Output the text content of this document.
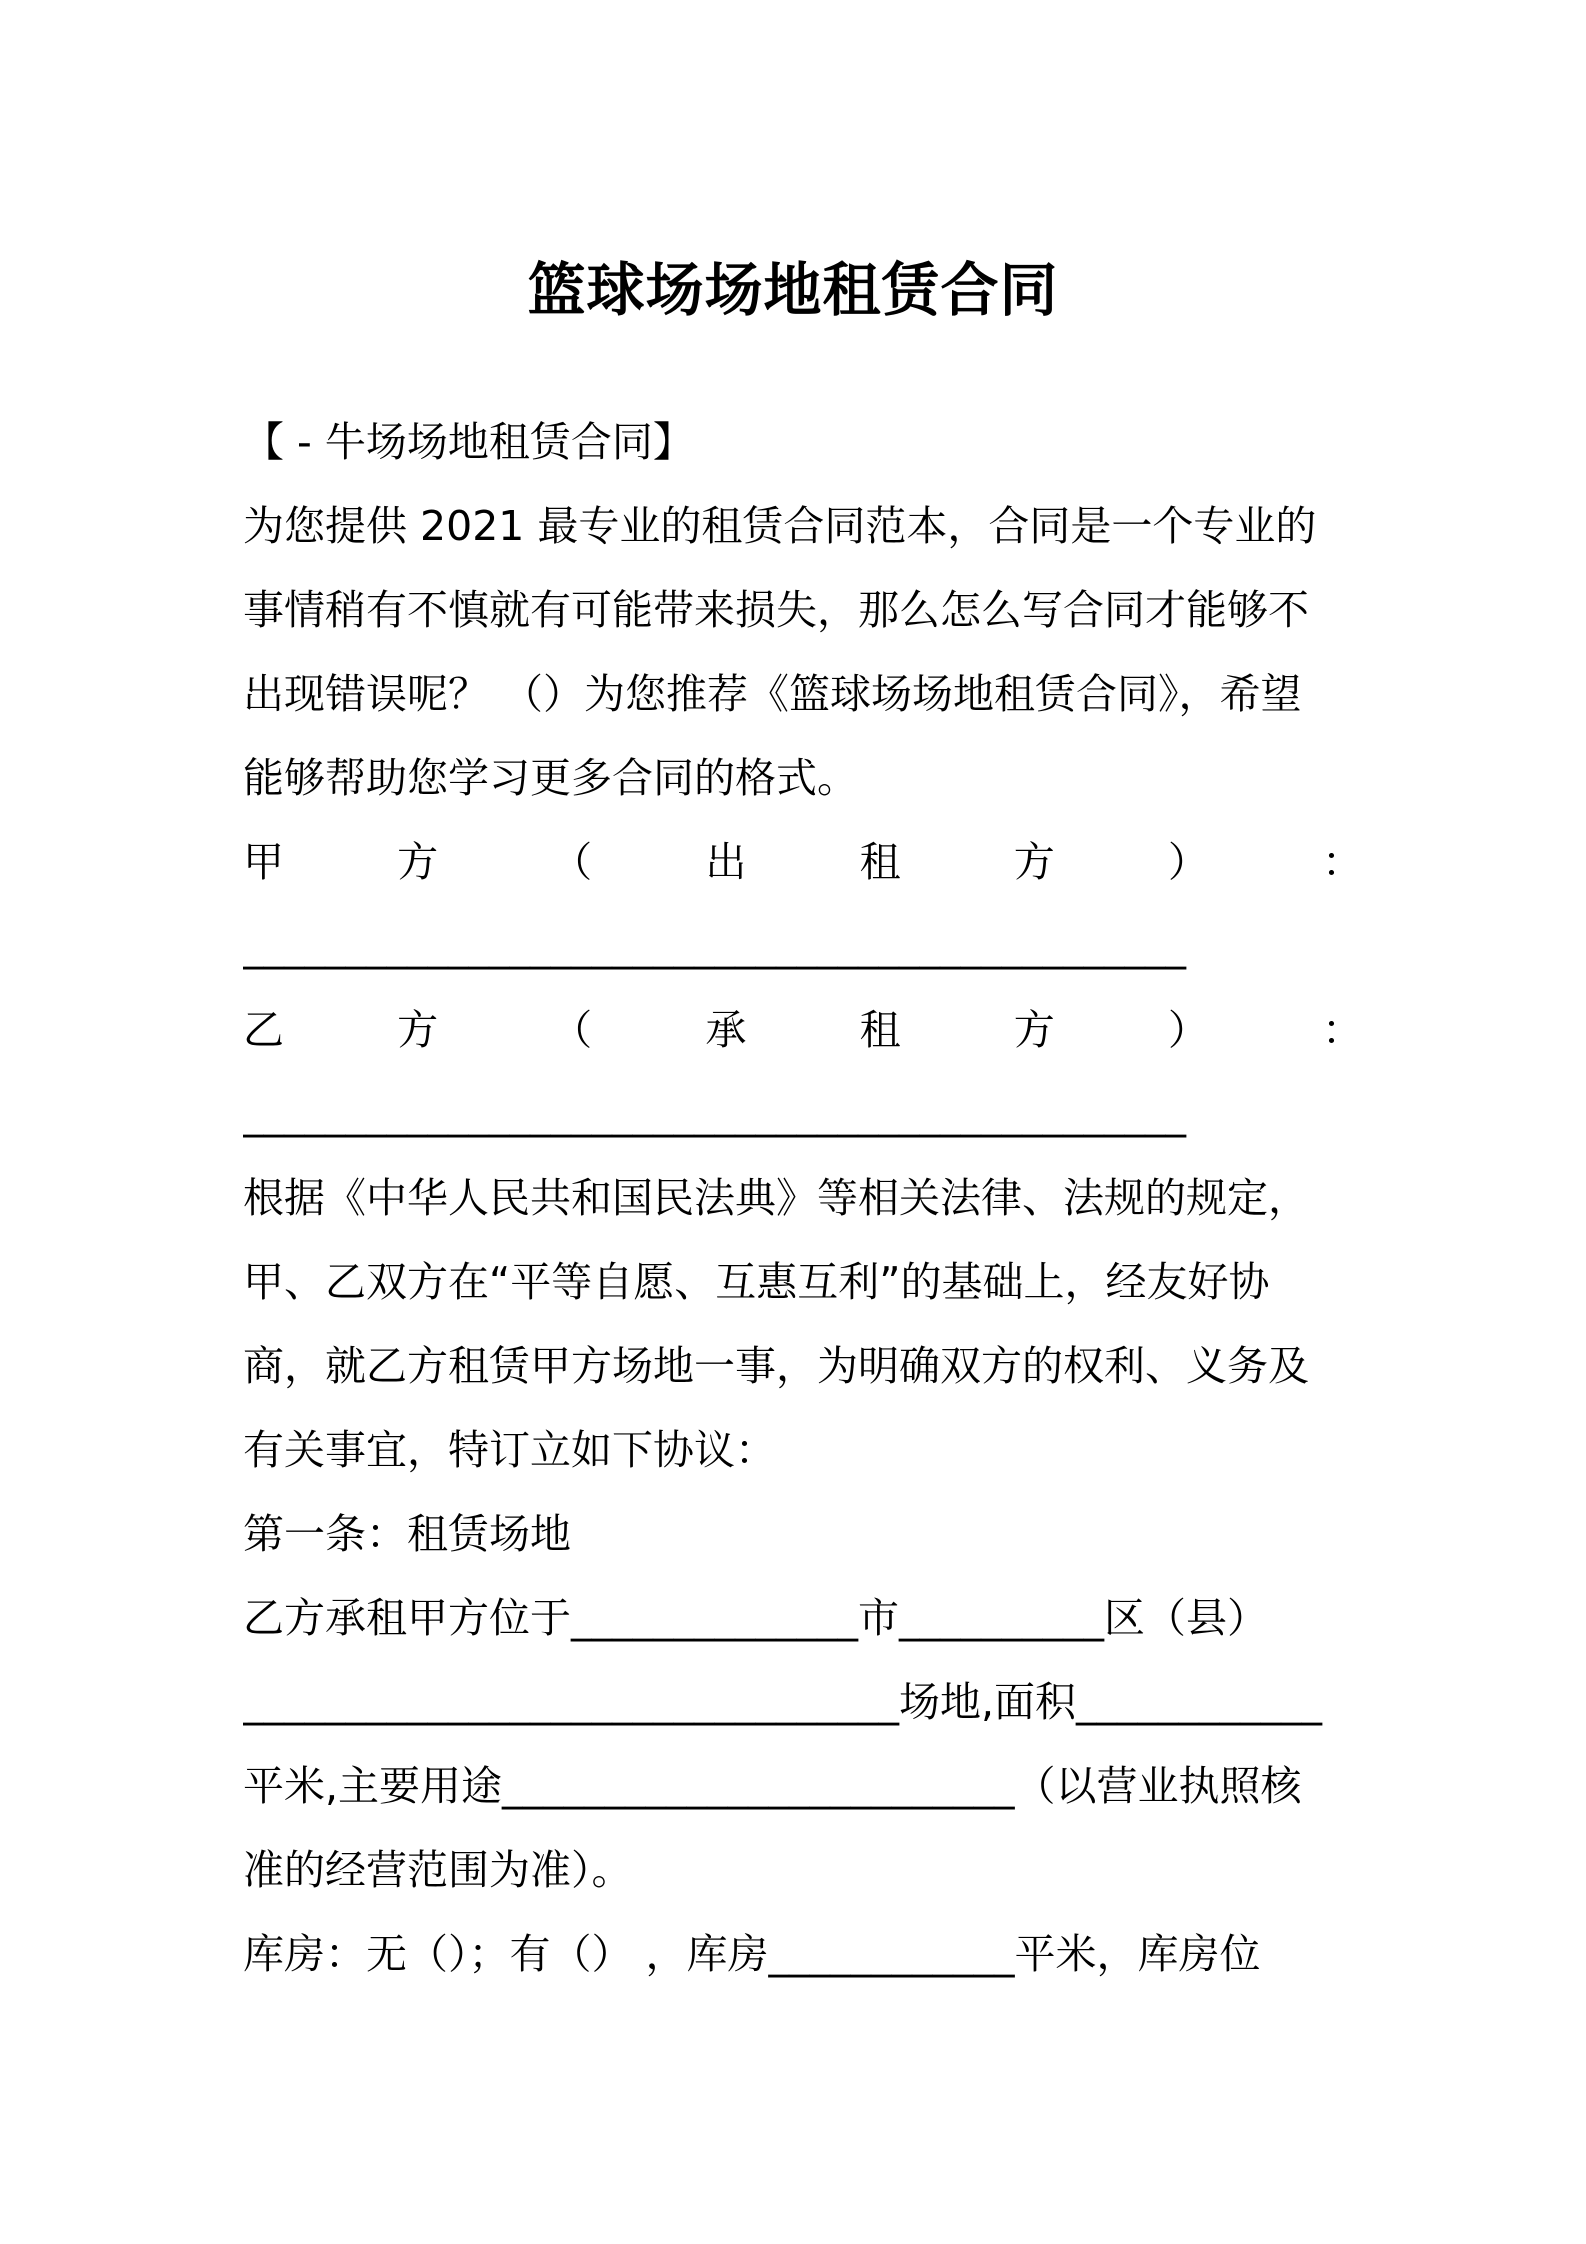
篮球场场地租赁合同
【 - 牛场场地租赁合同】
为您提供 2021 最专业的租赁合同范本，合同是一个专业的
事情稍有不慎就有可能带来损失，那么怎么写合同才能够不
出现错误呢？ （）为您推荐《篮球场场地租赁合同》，希望
能够帮助您学习更多合同的格式。
甲	方	（	出	租	方	）	：
______________________________________________
乙	方	（	承	租	方	）	：
______________________________________________
根据《中华人民共和国民法典》等相关法律、法规的规定，
甲、乙双方在“平等自愿、互惠互利”的基础上，经友好协
商，就乙方租赁甲方场地一事，为明确双方的权利、义务及
有关事宜，特订立如下协议：
第一条：租赁场地
乙方承租甲方位于______________市__________区（县）
________________________________场地,面积____________
平米,主要用途_________________________（以营业执照核
准的经营范围为准）。
库房：无（）；有（） ，库房____________平米，库房位
